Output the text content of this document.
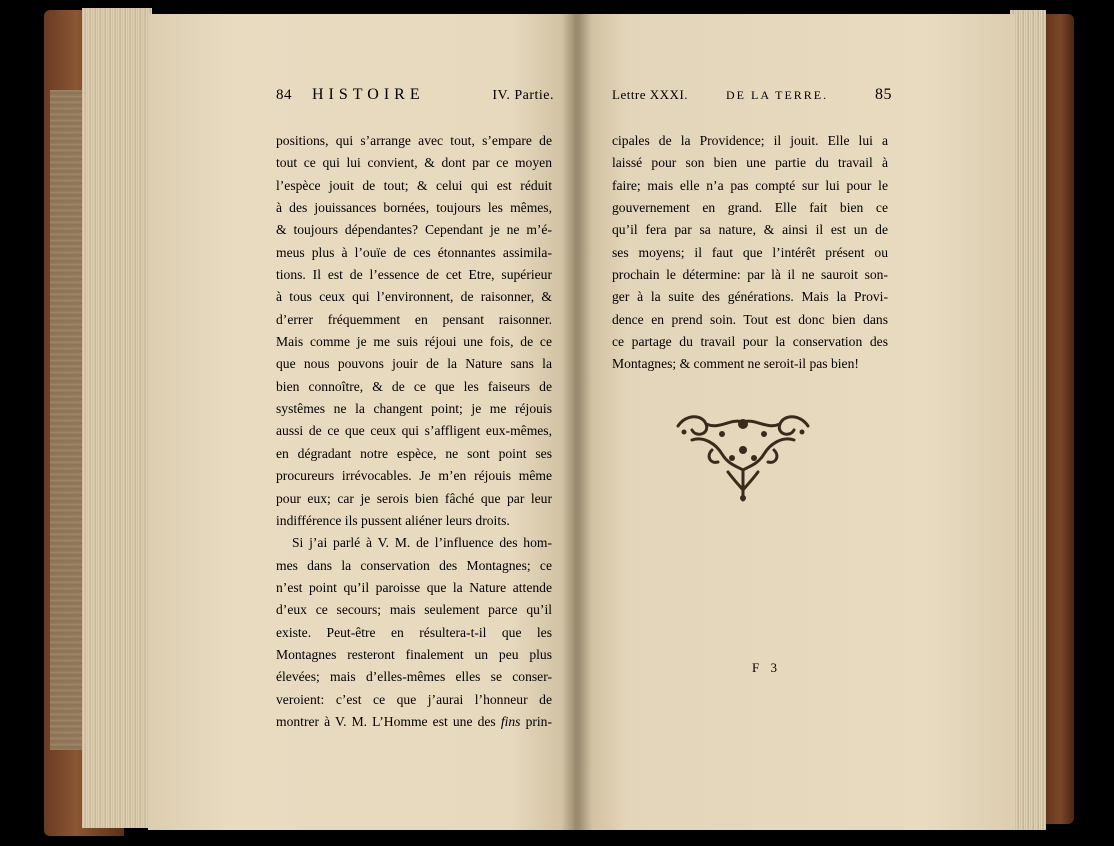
84	HISTOIRE	IV. Partie.
positions, qui s’arrange avec tout, s’empare de
tout ce qui lui convient, & dont par ce moyen
l’espèce jouit de tout; & celui qui est réduit
à des jouissances bornées, toujours les mêmes,
& toujours dépendantes? Cependant je ne m’é-
meus plus à l’ouïe de ces étonnantes assimila-
tions. Il est de l’essence de cet Etre, supérieur
à tous ceux qui l’environnent, de raisonner, &
d’errer fréquemment en pensant raisonner.
Mais comme je me suis réjoui une fois, de ce
que nous pouvons jouir de la Nature sans la
bien connoître, & de ce que les faiseurs de
systêmes ne la changent point; je me réjouis
aussi de ce que ceux qui s’affligent eux-mêmes,
en dégradant notre espèce, ne sont point ses
procureurs irrévocables. Je m’en réjouis même
pour eux; car je serois bien fâché que par leur
indifférence ils pussent aliéner leurs droits.
Si j’ai parlé à V. M. de l’influence des hom-
mes dans la conservation des Montagnes; ce
n’est point qu’il paroisse que la Nature attende
d’eux ce secours; mais seulement parce qu’il
existe. Peut-être en résultera-t-il que les
Montagnes resteront finalement un peu plus
élevées; mais d’elles-mêmes elles se conser-
veroient: c’est ce que j’aurai l’honneur de
montrer à V. M. L’Homme est une des fins prin-
Lettre XXXI.	DE LA TERRE.	85
cipales de la Providence; il jouit. Elle lui a
laissé pour son bien une partie du travail à
faire; mais elle n’a pas compté sur lui pour le
gouvernement en grand. Elle fait bien ce
qu’il fera par sa nature, & ainsi il est un de
ses moyens; il faut que l’intérêt présent ou
prochain le détermine: par là il ne sauroit son-
ger à la suite des générations. Mais la Provi-
dence en prend soin. Tout est donc bien dans
ce partage du travail pour la conservation des
Montagnes; & comment ne seroit-il pas bien!
F 3
